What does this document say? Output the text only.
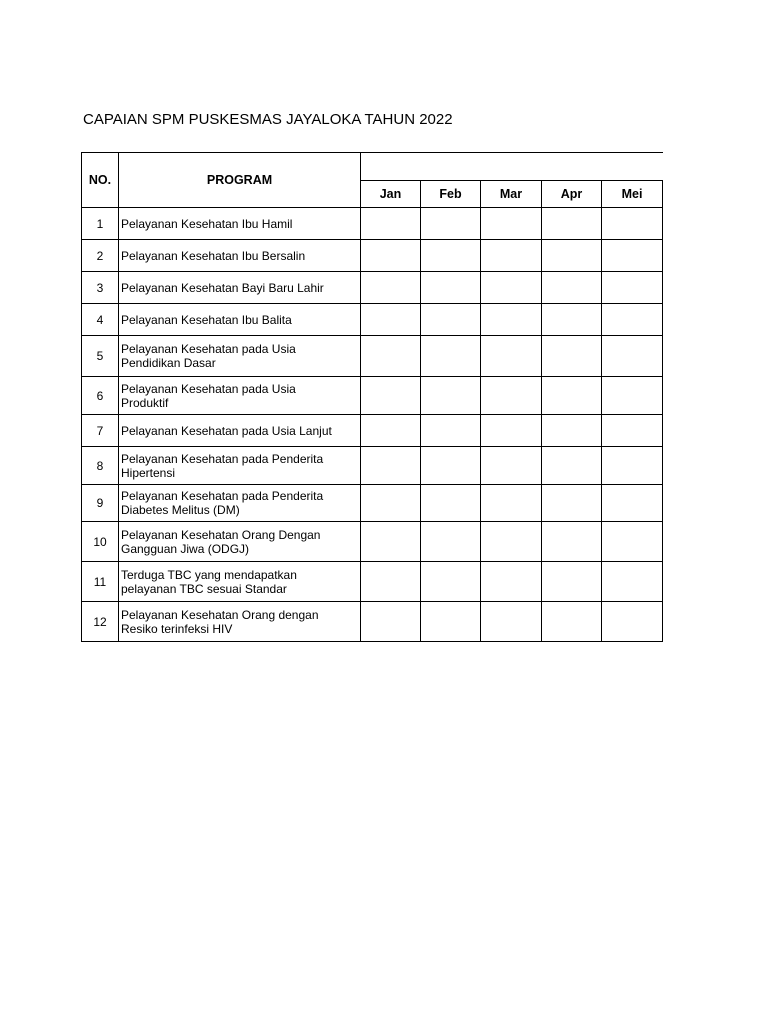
CAPAIAN SPM PUSKESMAS JAYALOKA TAHUN 2022
NO.	PROGRAM
Jan	Feb	Mar	Apr	Mei
1	Pelayanan Kesehatan Ibu Hamil
2	Pelayanan Kesehatan Ibu Bersalin
3	Pelayanan Kesehatan Bayi Baru Lahir
4	Pelayanan Kesehatan Ibu Balita
5	Pelayanan Kesehatan pada Usia
Pendidikan Dasar
6	Pelayanan Kesehatan pada Usia
Produktif
7	Pelayanan Kesehatan pada Usia Lanjut
8	Pelayanan Kesehatan pada Penderita
Hipertensi
9	Pelayanan Kesehatan pada Penderita
Diabetes Melitus (DM)
10	Pelayanan Kesehatan Orang Dengan
Gangguan Jiwa (ODGJ)
11	Terduga TBC yang mendapatkan
pelayanan TBC sesuai Standar
12	Pelayanan Kesehatan Orang dengan
Resiko terinfeksi HIV
